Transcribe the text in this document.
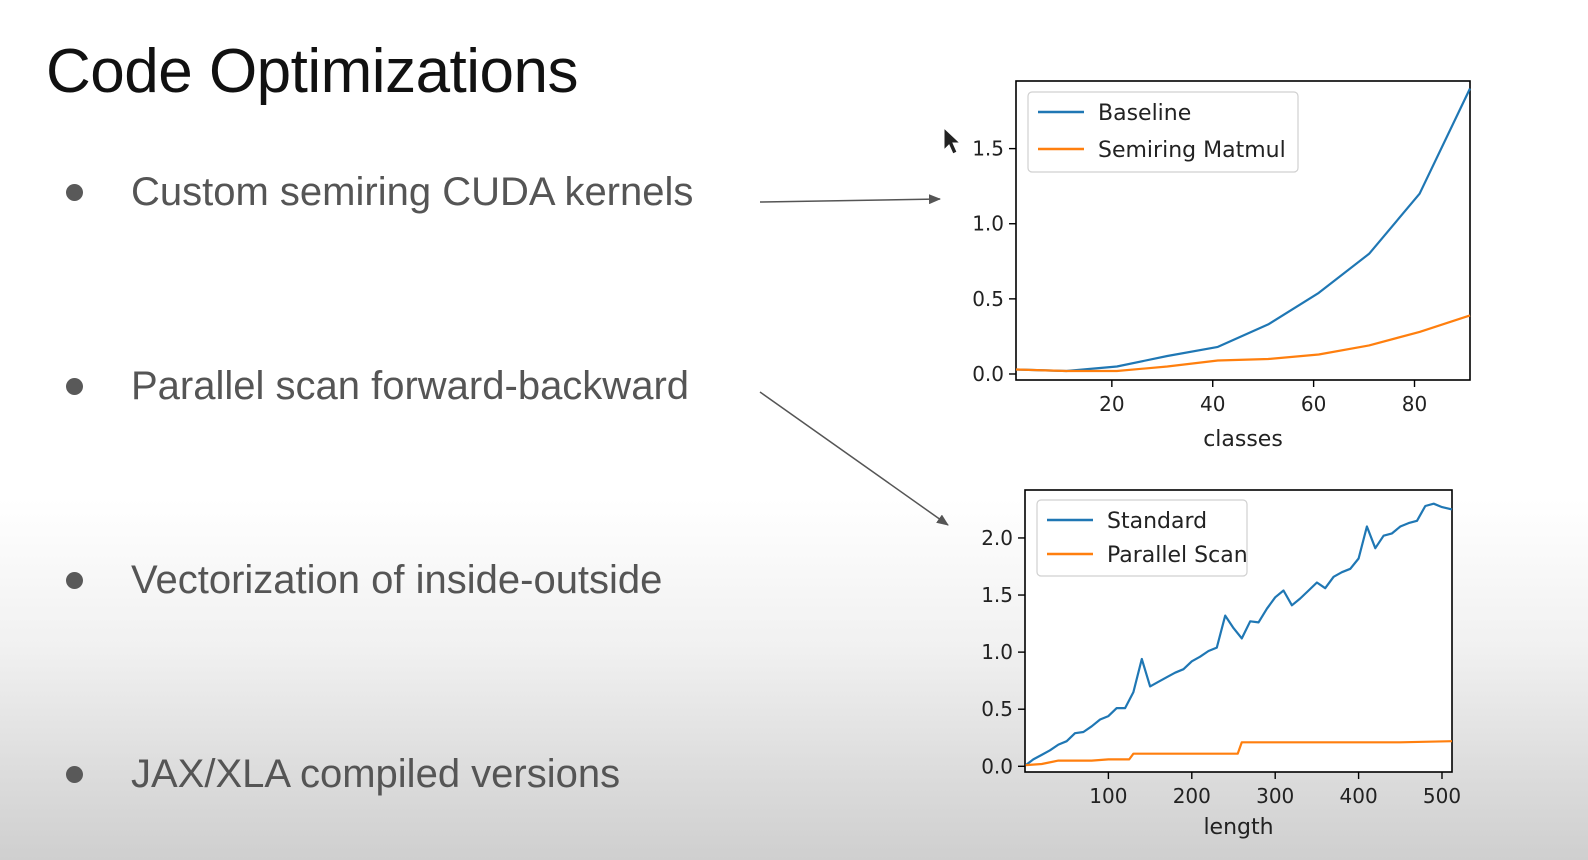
Code Optimizations
Custom semiring CUDA kernels
Parallel scan forward-backward
Vectorization of inside-outside
JAX/XLA compiled versions
0.0
0.5
1.0
1.5
20	40	60	80
classes
Baseline
Semiring Matmul
0.0
0.5
1.0
1.5
2.0
100 200 300 400 500
length
Standard
Parallel Scan
